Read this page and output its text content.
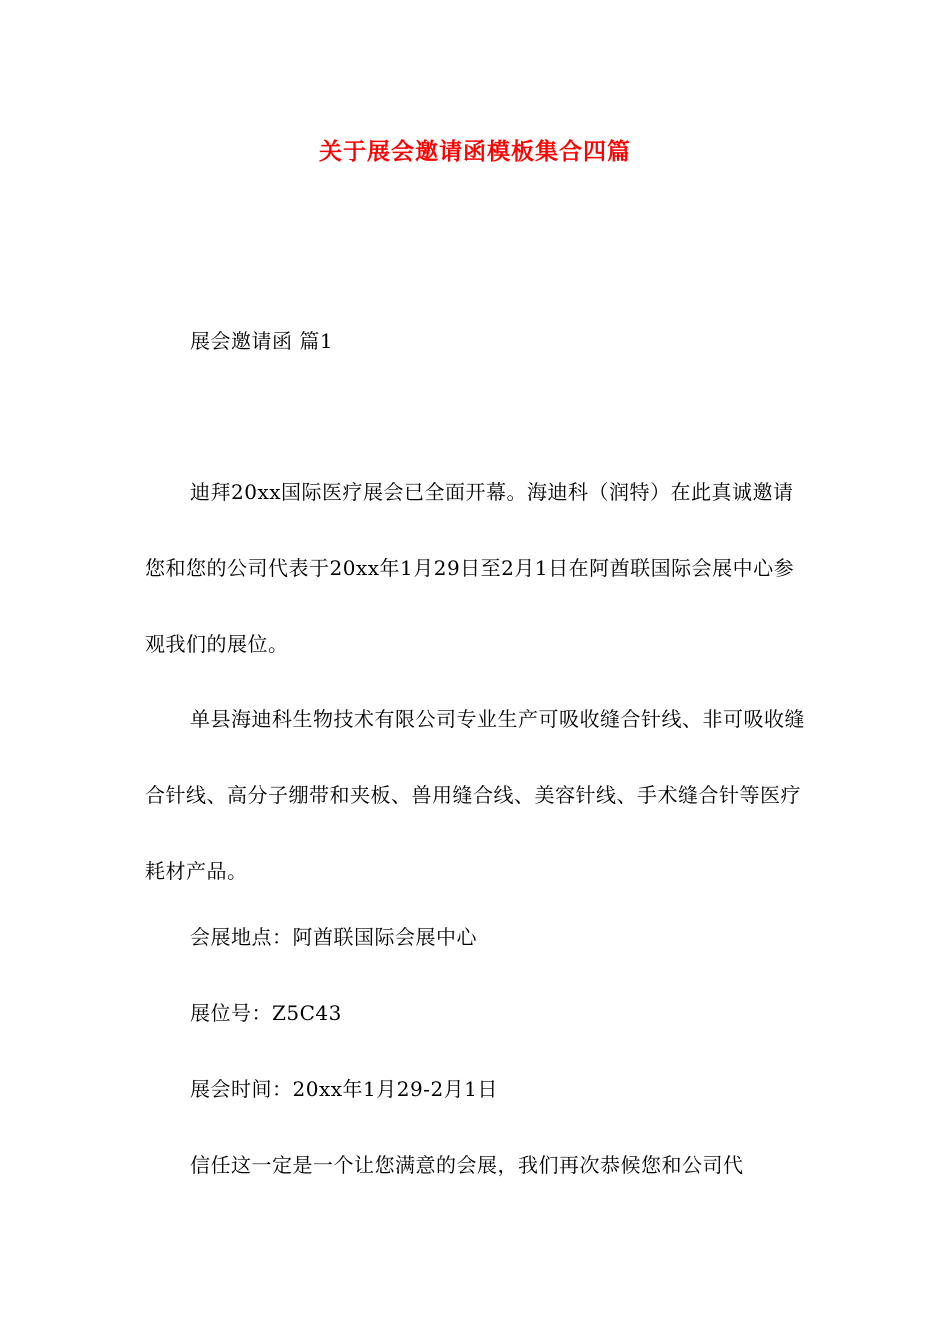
关于展会邀请函模板集合四篇
展会邀请函 篇1

迪拜20xx国际医疗展会已全面开幕。海迪科（润特）在此真诚邀请您和您的公司代表于20xx年1月29日至2月1日在阿酋联国际会展中心参观我们的展位。

单县海迪科生物技术有限公司专业生产可吸收缝合针线、非可吸收缝合针线、高分子绷带和夹板、兽用缝合线、美容针线、手术缝合针等医疗耗材产品。

会展地点：阿酋联国际会展中心
展位号：Z5C43
展会时间：20xx年1月29-2月1日
信任这一定是一个让您满意的会展，我们再次恭候您和公司代
